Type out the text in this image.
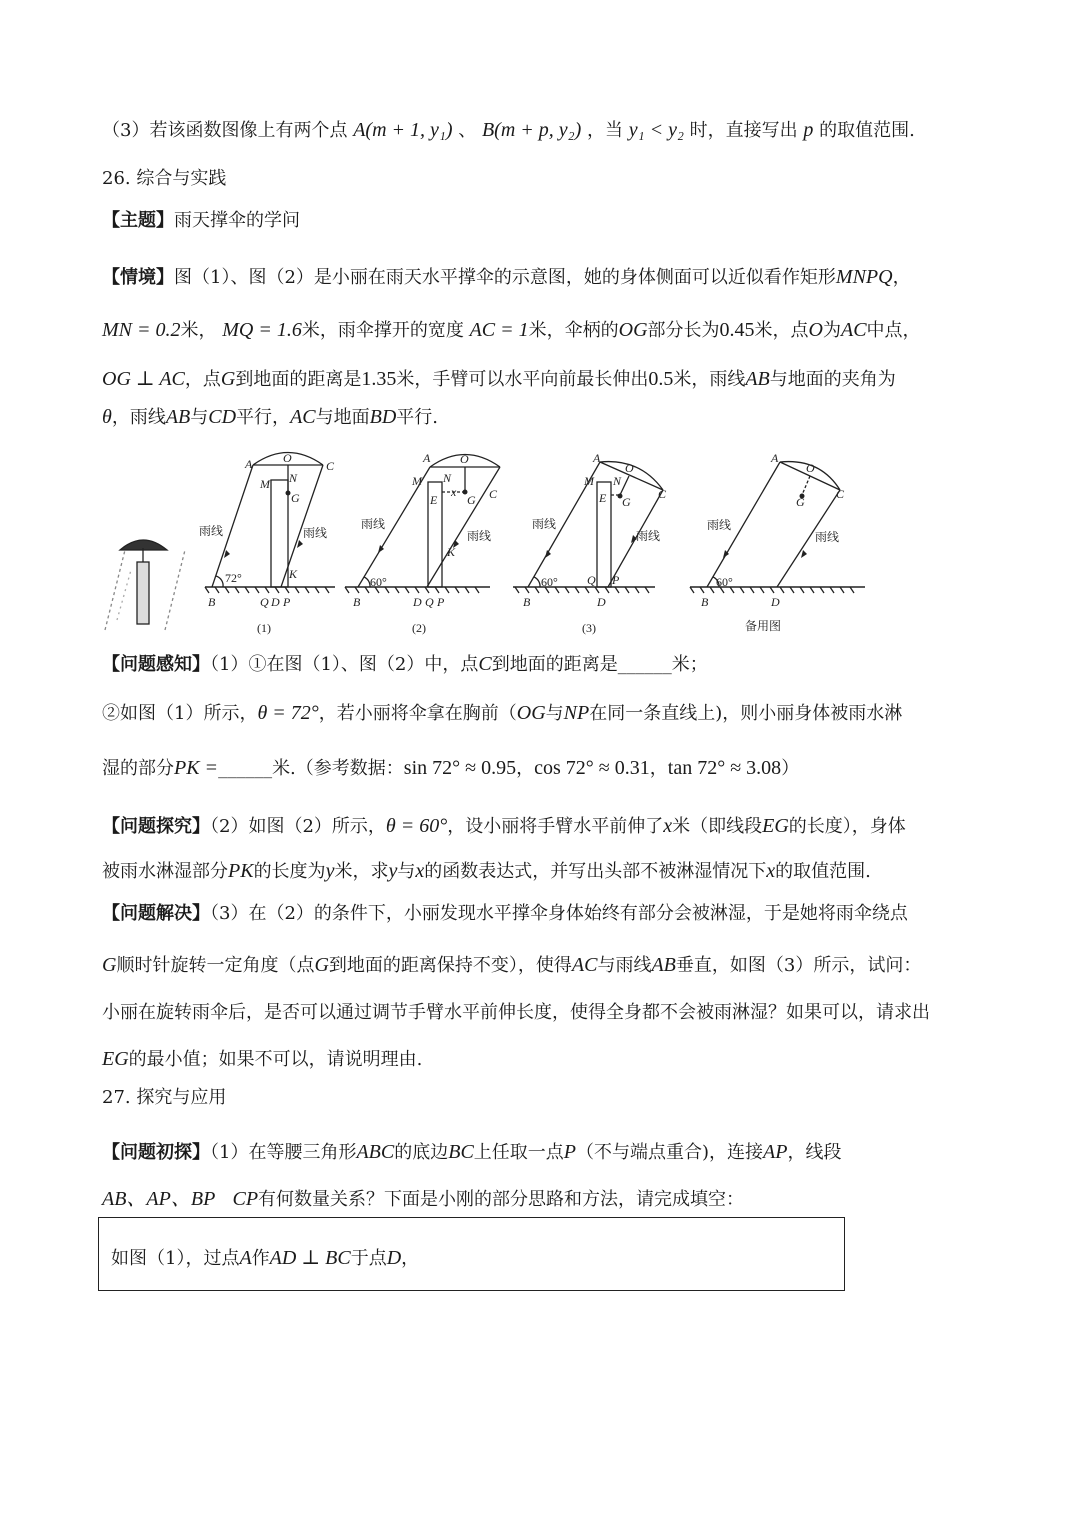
（3）若该函数图像上有两个点 A(m + 1, y₁) 、 B(m + p, y₂) ，当 y₁ < y₂ 时，直接写出 p 的取值范围.
26. 综合与实践
【主题】雨天撑伞的学问
【情境】图（1）、图（2）是小丽在雨天水平撑伞的示意图，她的身体侧面可以近似看作矩形MNPQ，
MN = 0.2米， MQ = 1.6米，雨伞撑开的宽度 AC = 1米，伞柄的OG部分长为0.45米，点O为AC中点，
OG ⊥ AC，点G到地面的距离是1.35米，手臂可以水平向前最长伸出0.5米，雨线AB与地面的夹角为
θ，雨线AB与CD平行，AC与地面BD平行.
A	O
C
M N
G
K
B	Q D P
A O
C
M N
G
E
x
K
B	D Q P
A
O
C
M N
G
E
B
Q P
D
A
O
C
G
B	D
雨线	雨线
雨线
雨线
雨线
雨线
雨线
雨线
72°	60°	60°	60°
(1)	(2)	(3)	备用图
【问题感知】（1）①在图（1）、图（2）中，点C到地面的距离是______米；
②如图（1）所示，θ = 72°，若小丽将伞拿在胸前（OG与NP在同一条直线上)，则小丽身体被雨水淋
湿的部分PK =______米.（参考数据：sin 72° ≈ 0.95，cos 72° ≈ 0.31，tan 72° ≈ 3.08）
【问题探究】（2）如图（2）所示，θ = 60°，设小丽将手臂水平前伸了x米（即线段EG的长度），身体
被雨水淋湿部分PK的长度为y米，求y与x的函数表达式，并写出头部不被淋湿情况下x的取值范围.
【问题解决】（3）在（2）的条件下，小丽发现水平撑伞身体始终有部分会被淋湿，于是她将雨伞绕点
G顺时针旋转一定角度（点G到地面的距离保持不变），使得AC与雨线AB垂直，如图（3）所示，试问：
小丽在旋转雨伞后，是否可以通过调节手臂水平前伸长度，使得全身都不会被雨淋湿？如果可以，请求出
EG的最小值；如果不可以，请说明理由.
27. 探究与应用
【问题初探】（1）在等腰三角形ABC的底边BC上任取一点P（不与端点重合)，连接AP，线段
AB、AP、BP CP有何数量关系？下面是小刚的部分思路和方法，请完成填空：
如图（1），过点A作AD ⊥ BC于点D，
